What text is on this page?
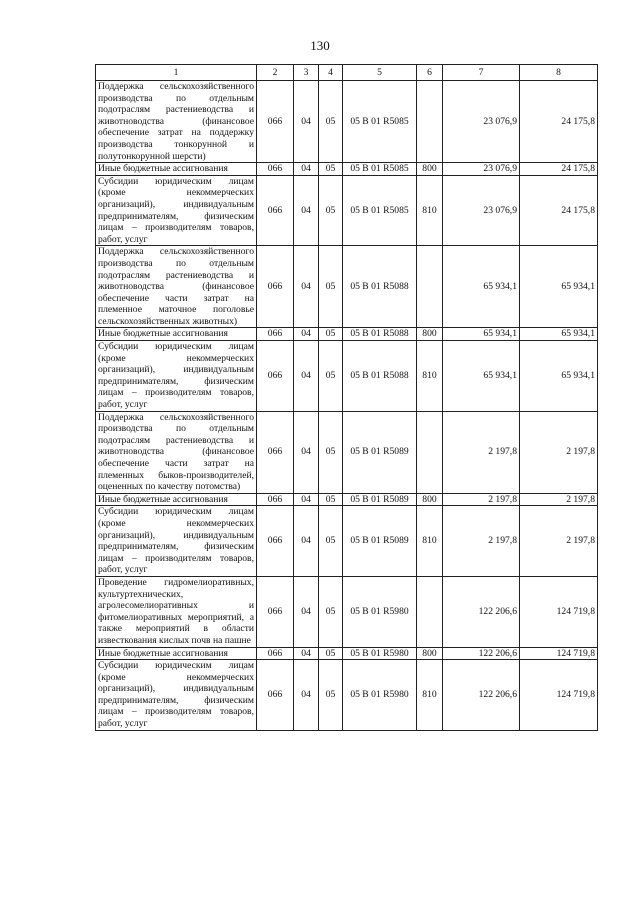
130
1	2	3	4	5	6	7	8
Поддержка сельскохозяйственного производства по отдельным подотраслям растениеводства и животноводства (финансовое обеспечение затрат на поддержку производства тонкорунной и полутонкорунной шерсти)	066	04	05	05 B 01 R5085		23 076,9	24 175,8
Иные бюджетные ассигнования	066	04	05	05 B 01 R5085	800	23 076,9	24 175,8
Субсидии юридическим лицам (кроме некоммерческих организаций), индивидуальным предпринимателям, физическим лицам – производителям товаров, работ, услуг	066	04	05	05 B 01 R5085	810	23 076,9	24 175,8
Поддержка сельскохозяйственного производства по отдельным подотраслям растениеводства и животноводства (финансовое обеспечение части затрат на племенное маточное поголовье сельскохозяйственных животных)	066	04	05	05 B 01 R5088		65 934,1	65 934,1
Иные бюджетные ассигнования	066	04	05	05 B 01 R5088	800	65 934,1	65 934,1
Субсидии юридическим лицам (кроме некоммерческих организаций), индивидуальным предпринимателям, физическим лицам – производителям товаров, работ, услуг	066	04	05	05 B 01 R5088	810	65 934,1	65 934,1
Поддержка сельскохозяйственного производства по отдельным подотраслям растениеводства и животноводства (финансовое обеспечение части затрат на племенных быков-производителей, оцененных по качеству потомства)	066	04	05	05 B 01 R5089		2 197,8	2 197,8
Иные бюджетные ассигнования	066	04	05	05 B 01 R5089	800	2 197,8	2 197,8
Субсидии юридическим лицам (кроме некоммерческих организаций), индивидуальным предпринимателям, физическим лицам – производителям товаров, работ, услуг	066	04	05	05 B 01 R5089	810	2 197,8	2 197,8
Проведение гидромелиоративных, культуртехнических, агролесомелиоративных и фитомелиоративных мероприятий, а также мероприятий в области известкования кислых почв на пашне	066	04	05	05 B 01 R5980		122 206,6	124 719,8
Иные бюджетные ассигнования	066	04	05	05 B 01 R5980	800	122 206,6	124 719,8
Субсидии юридическим лицам (кроме некоммерческих организаций), индивидуальным предпринимателям, физическим лицам – производителям товаров, работ, услуг	066	04	05	05 B 01 R5980	810	122 206,6	124 719,8
